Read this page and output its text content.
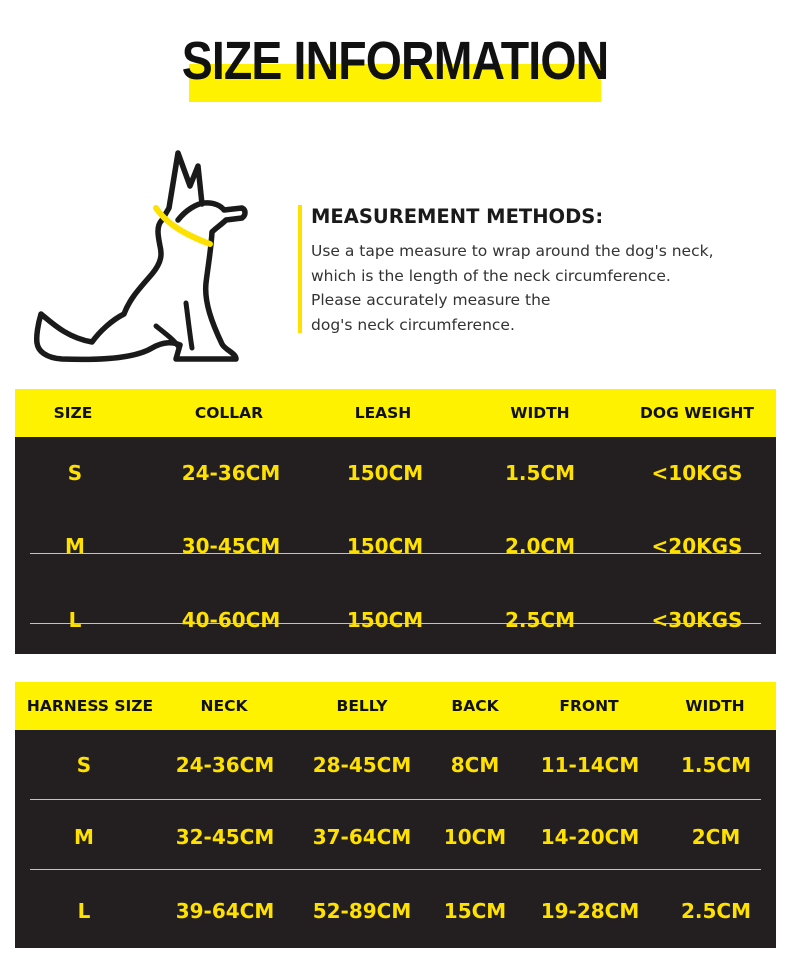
SIZE INFORMATION
MEASUREMENT METHODS:
Use a tape measure to wrap around the dog's neck,
which is the length of the neck circumference.
Please accurately measure the
dog's neck circumference.
SIZE	COLLAR	LEASH	WIDTH	DOG WEIGHT
S	24-36CM	150CM	1.5CM	<10KGS
M	30-45CM	150CM	2.0CM	<20KGS
L	40-60CM	150CM	2.5CM	<30KGS
HARNESS SIZE	NECK	BELLY	BACK	FRONT	WIDTH
S	24-36CM	28-45CM	8CM	11-14CM	1.5CM
M	32-45CM	37-64CM	10CM	14-20CM	2CM
L	39-64CM	52-89CM	15CM	19-28CM	2.5CM
